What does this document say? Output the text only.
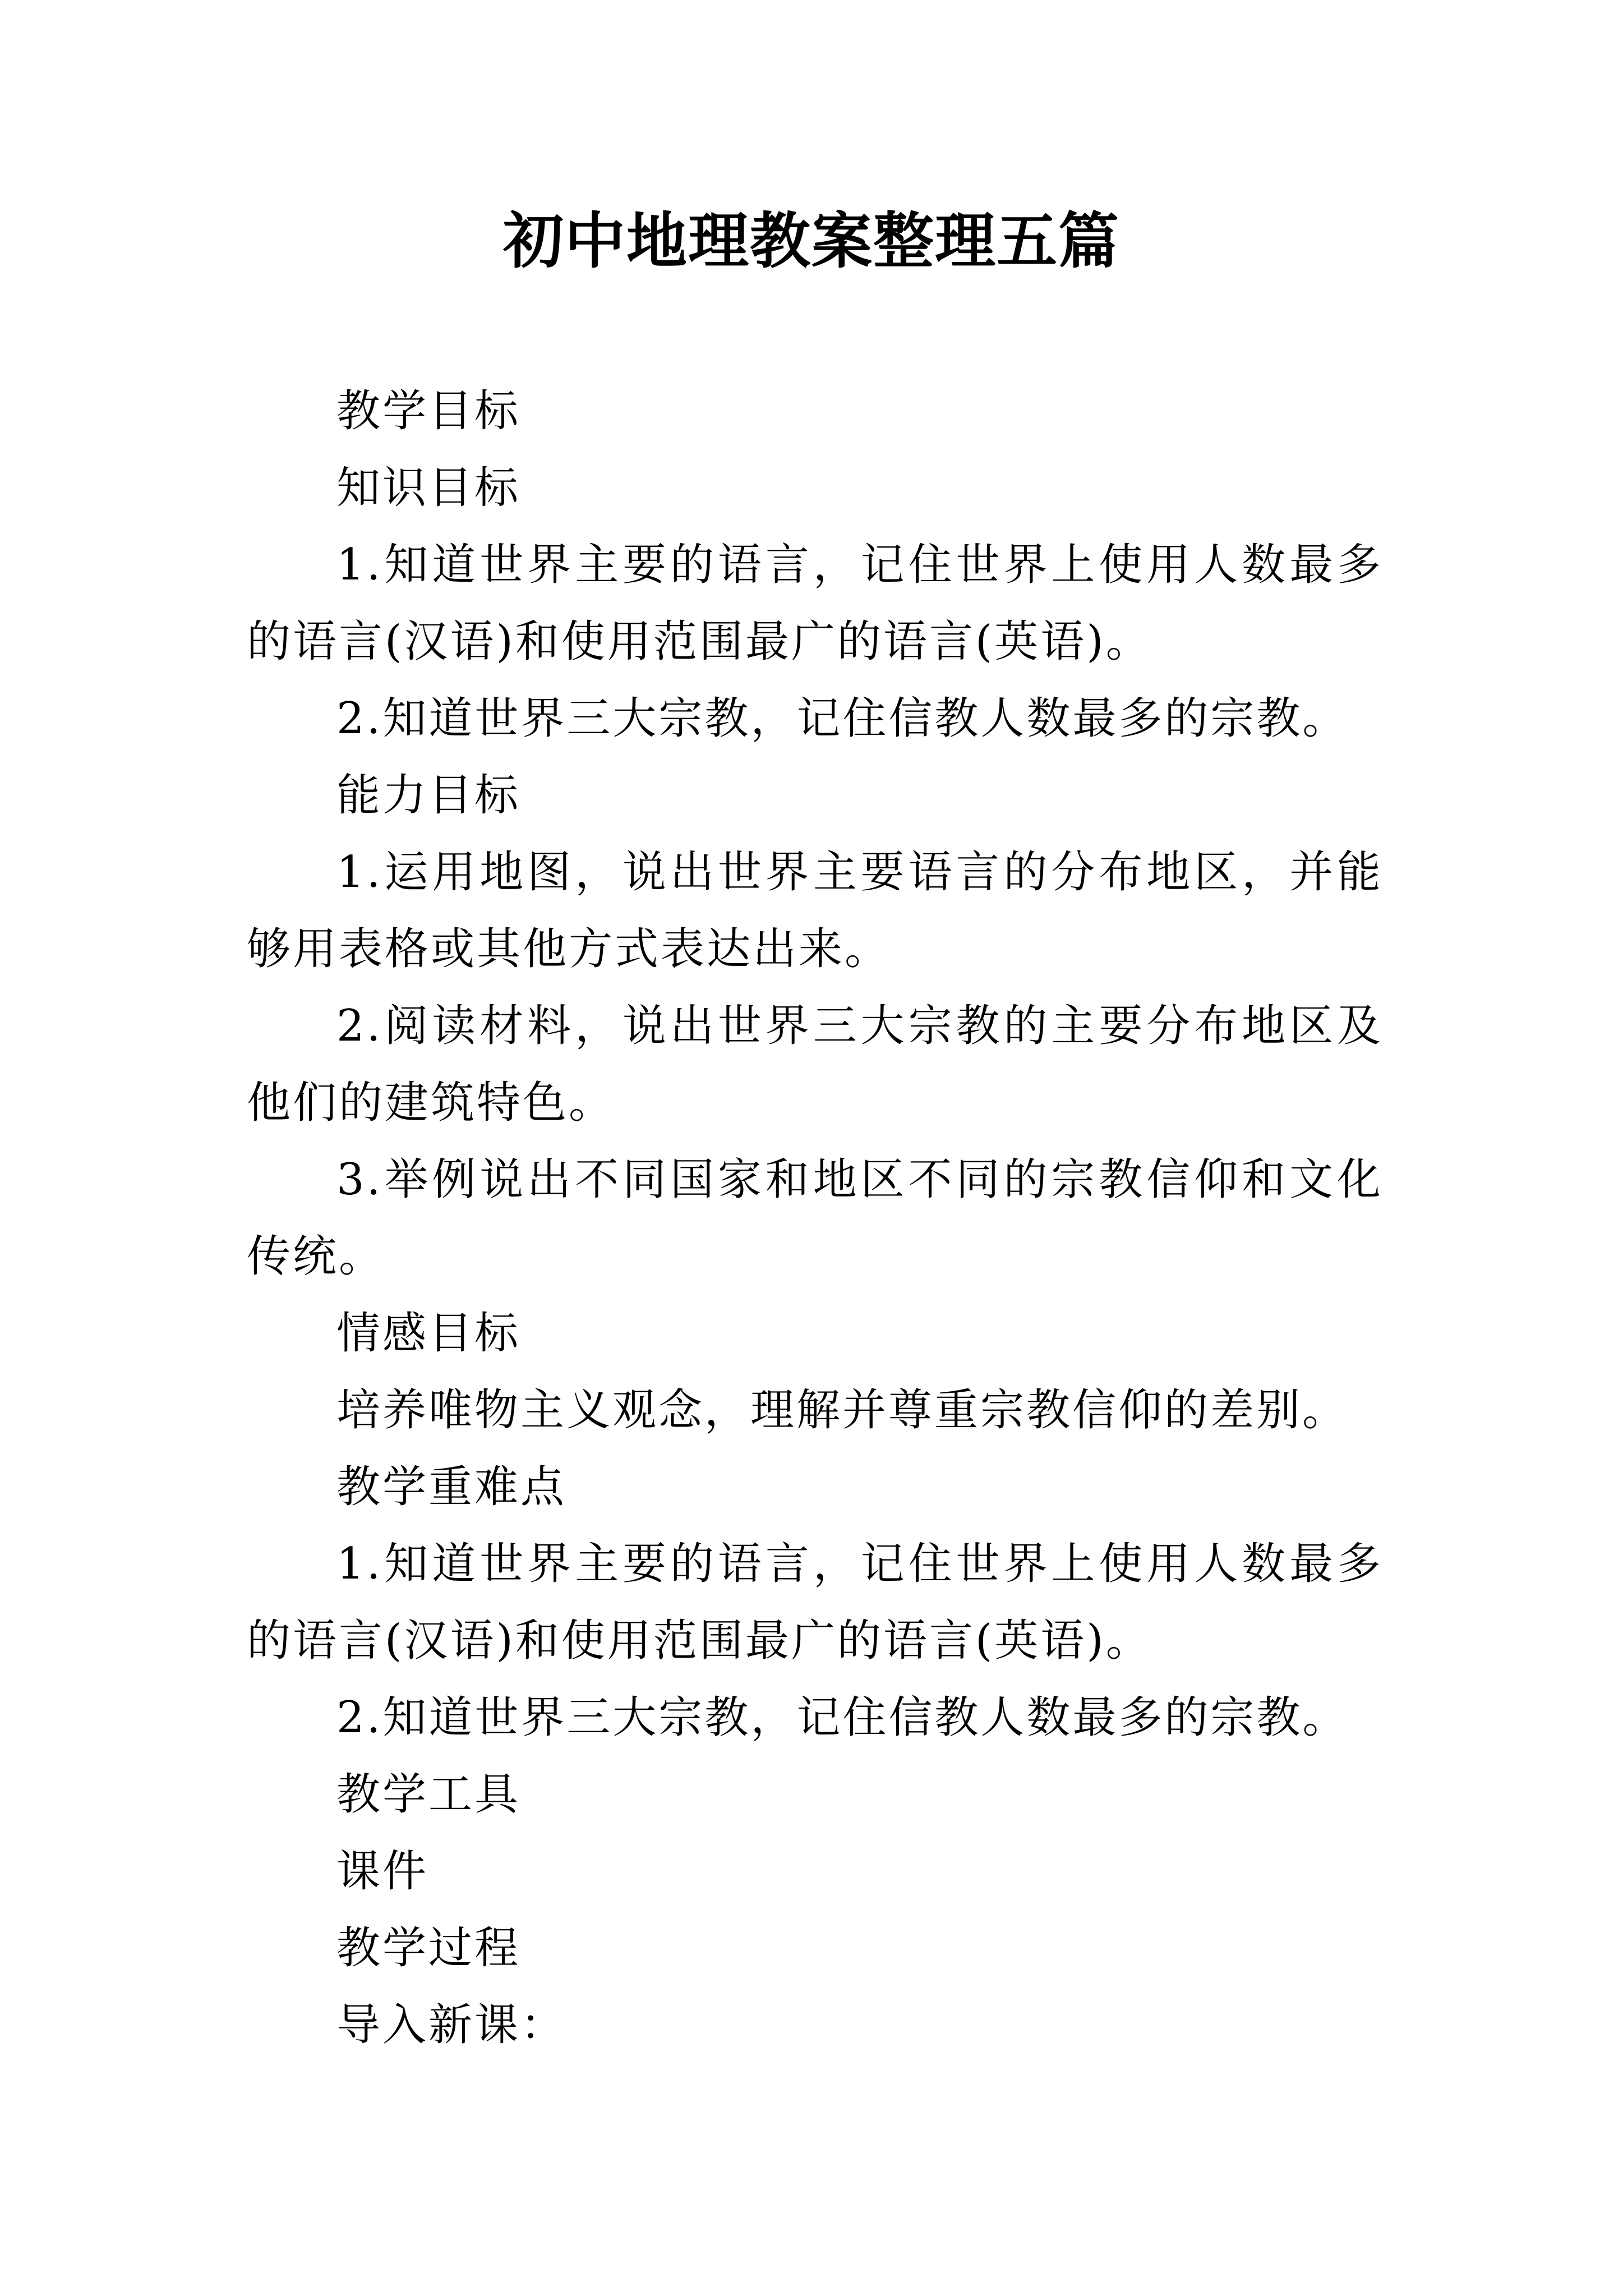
初中地理教案整理五篇

教学目标

知识目标

1.知道世界主要的语言，记住世界上使用人数最多的语言(汉语)和使用范围最广的语言(英语)。

2.知道世界三大宗教，记住信教人数最多的宗教。

能力目标

1.运用地图，说出世界主要语言的分布地区，并能够用表格或其他方式表达出来。

2.阅读材料，说出世界三大宗教的主要分布地区及他们的建筑特色。

3.举例说出不同国家和地区不同的宗教信仰和文化传统。

情感目标

培养唯物主义观念，理解并尊重宗教信仰的差别。

教学重难点

1.知道世界主要的语言，记住世界上使用人数最多的语言(汉语)和使用范围最广的语言(英语)。

2.知道世界三大宗教，记住信教人数最多的宗教。

教学工具

课件

教学过程

导入新课：
